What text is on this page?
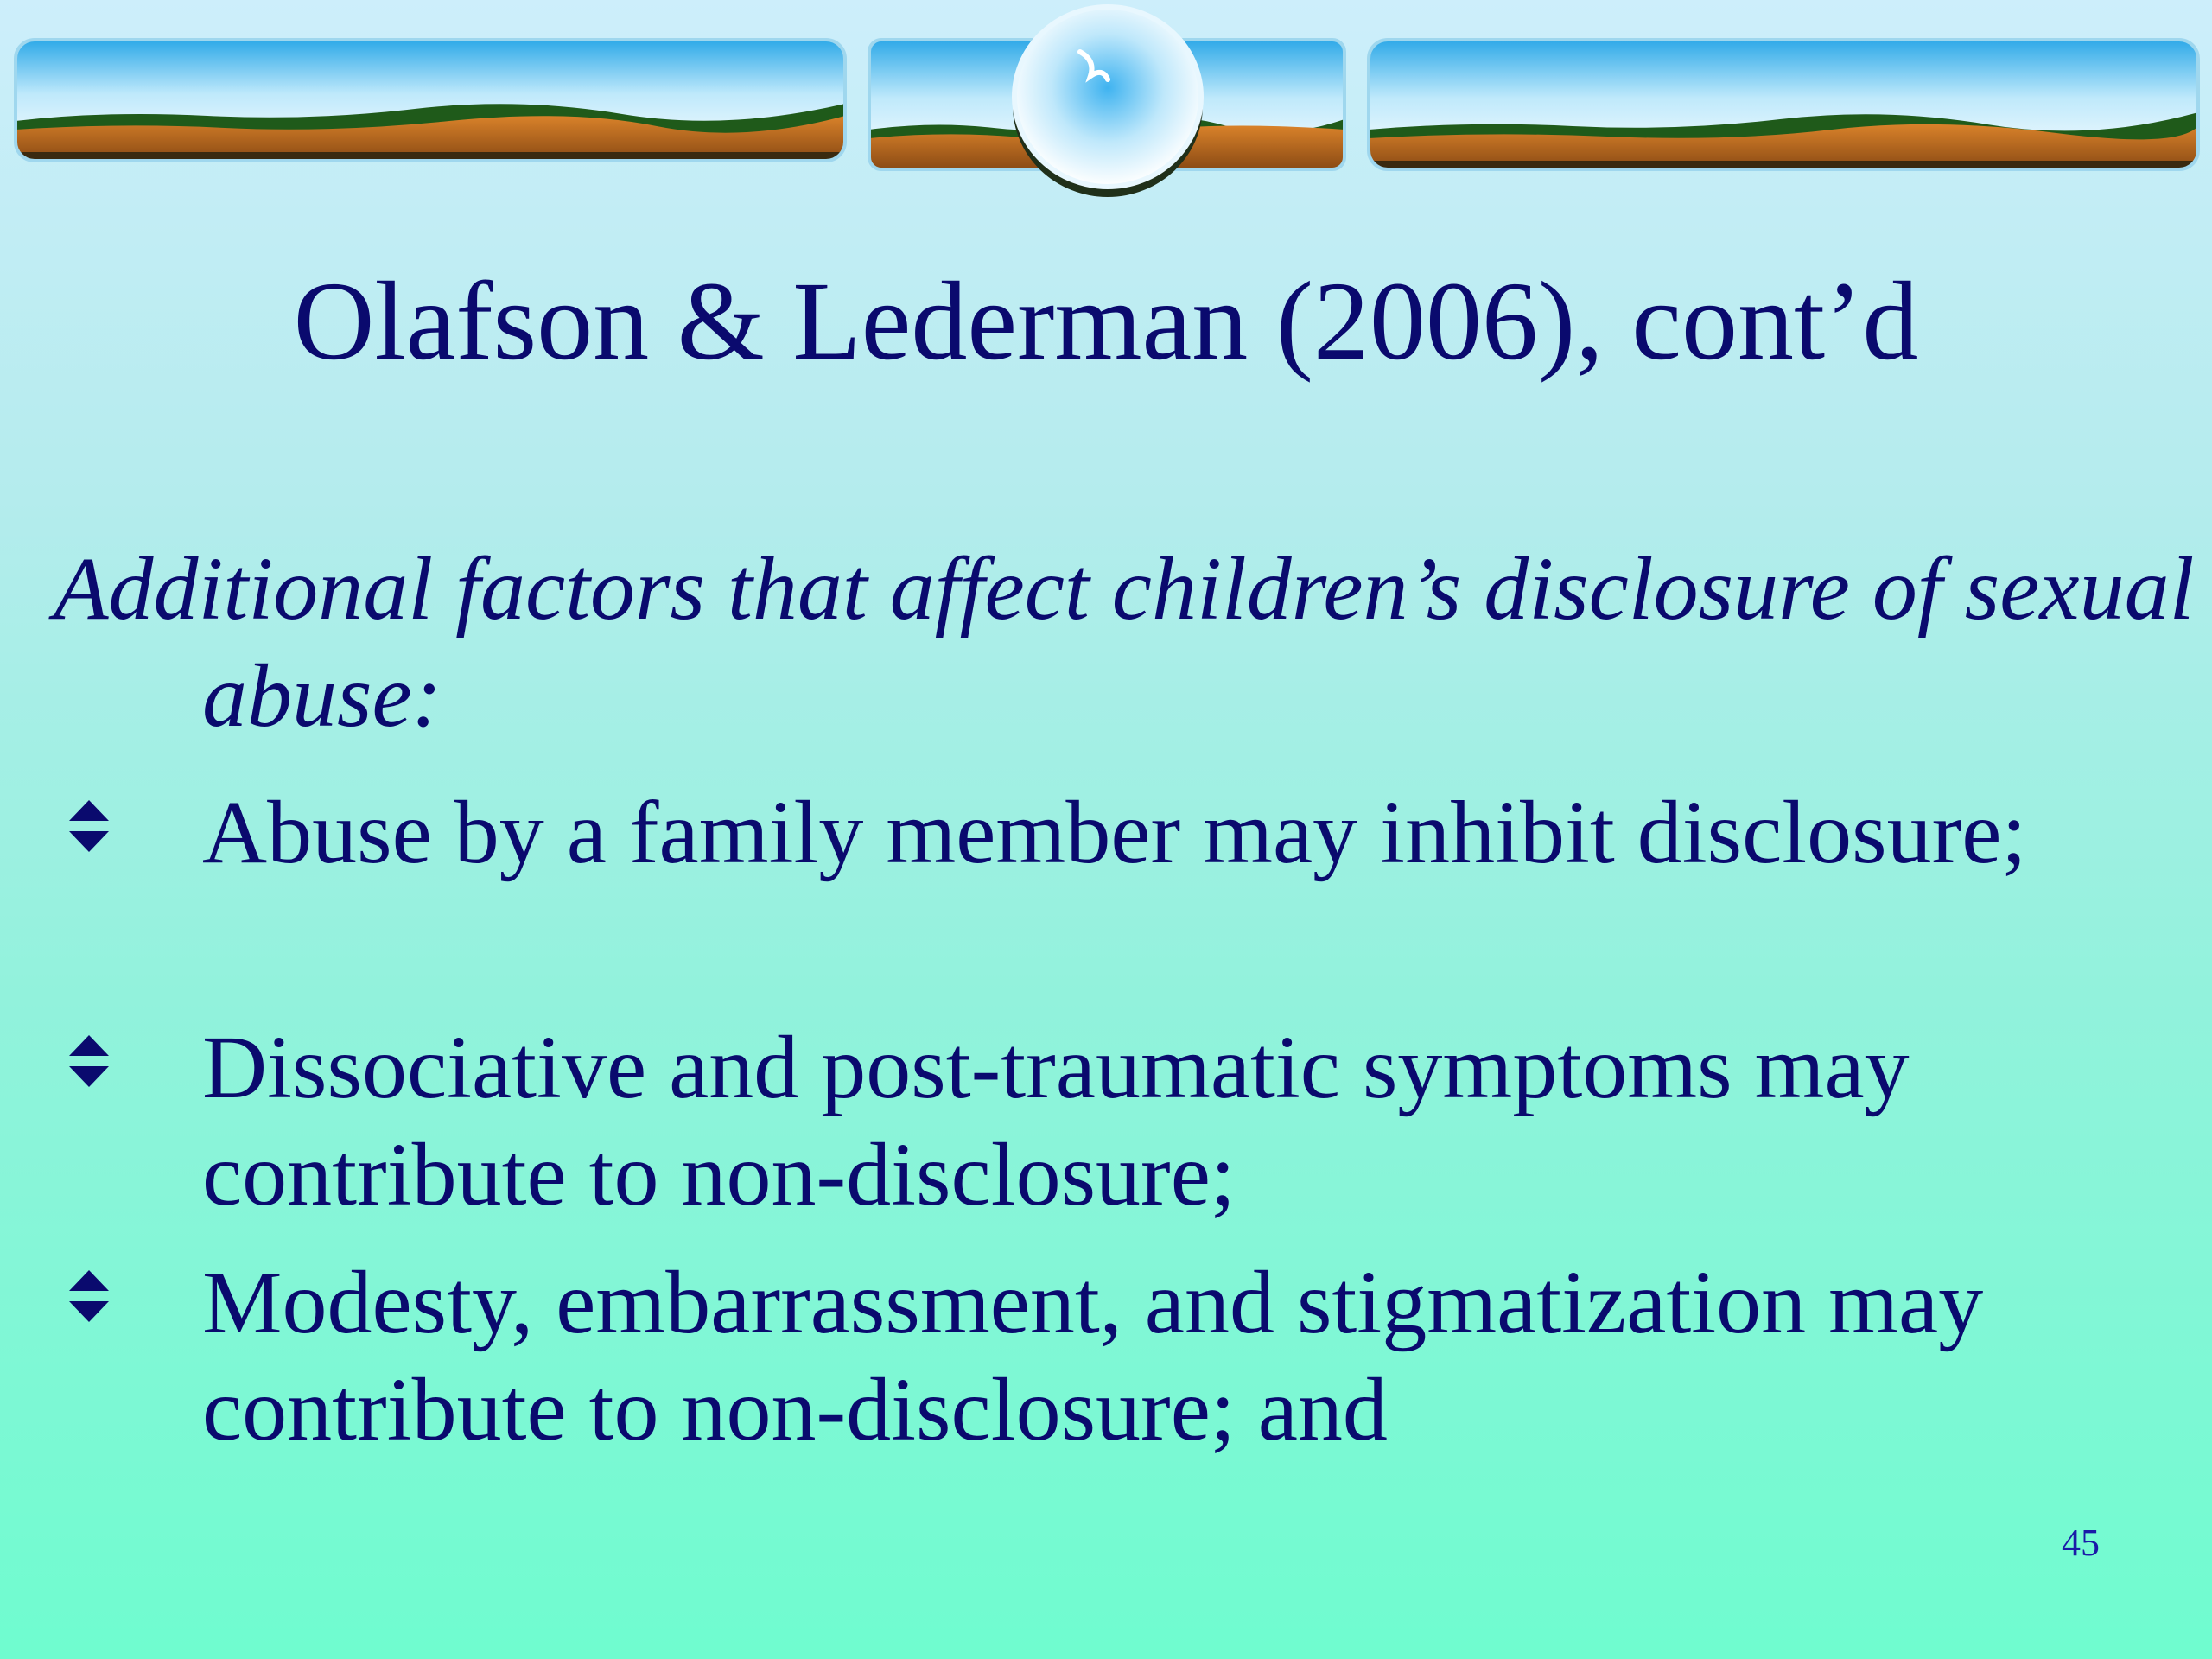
Olafson & Lederman (2006), cont’d

Additional factors that affect children’s disclosure of sexual abuse:

Abuse by a family member may inhibit disclosure;

Dissociative and post-traumatic symptoms may contribute to non-disclosure;

Modesty, embarrassment, and stigmatization may contribute to non-disclosure; and

45
